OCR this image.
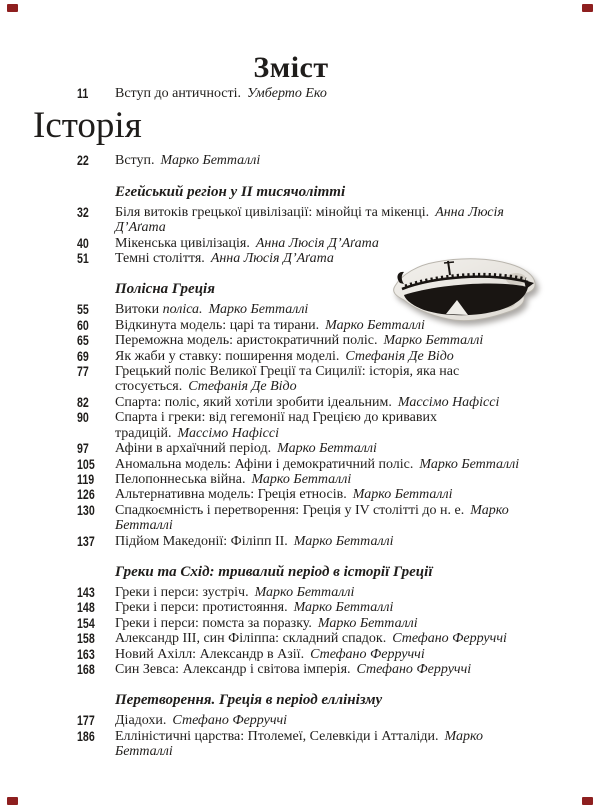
Зміст
11 Вступ до античності. Умберто Еко
Історія
22 Вступ. Марко Бетталлі
Егейський регіон у II тисячолітті
32 Біля витоків грецької цивілізації: мінойці та мікенці. Анна Люсія Д’Аґата
40 Мікенська цивілізація. Анна Люсія Д’Аґата
51 Темні століття. Анна Люсія Д’Аґата
Полісна Греція
55 Витоки поліса. Марко Бетталлі
60 Відкинута модель: царі та тирани. Марко Бетталлі
65 Переможна модель: аристократичний поліс. Марко Бетталлі
69 Як жаби у ставку: поширення моделі. Стефанія Де Відо
77 Грецький поліс Великої Греції та Сицилії: історія, яка нас стосується. Стефанія Де Відо
82 Спарта: поліс, який хотіли зробити ідеальним. Массімо Нафіссі
90 Спарта і греки: від гегемонії над Грецією до кривавих традицій. Массімо Нафіссі
97 Афіни в архаїчний період. Марко Бетталлі
105 Аномальна модель: Афіни і демократичний поліс. Марко Бетталлі
119 Пелопоннеська війна. Марко Бетталлі
126 Альтернативна модель: Греція етносів. Марко Бетталлі
130 Спадкоємність і перетворення: Греція у IV столітті до н. е. Марко Бетталлі
137 Підйом Македонії: Філіпп II. Марко Бетталлі
Греки та Схід: тривалий період в історії Греції
143 Греки і перси: зустріч. Марко Бетталлі
148 Греки і перси: протистояння. Марко Бетталлі
154 Греки і перси: помста за поразку. Марко Бетталлі
158 Александр III, син Філіппа: складний спадок. Стефано Ферруччі
163 Новий Ахілл: Александр в Азії. Стефано Ферруччі
168 Син Зевса: Александр і світова імперія. Стефано Ферруччі
Перетворення. Греція в період еллінізму
177 Діадохи. Стефано Ферруччі
186 Елліністичні царства: Птолемеї, Селевкіди і Атталіди. Марко Бетталлі
